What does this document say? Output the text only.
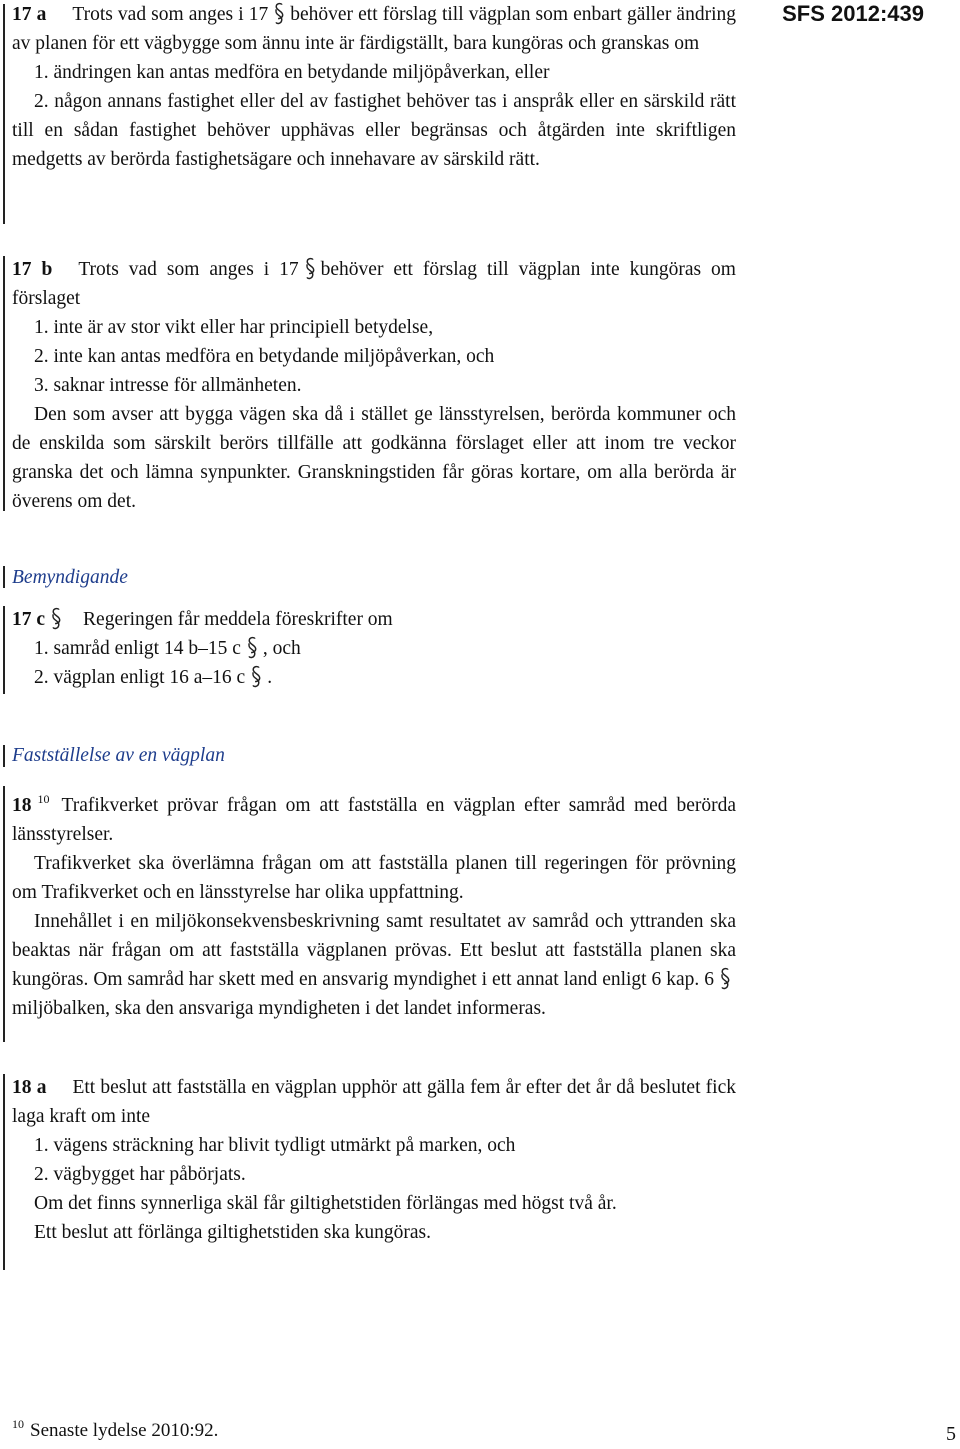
SFS 2012:439

17 a Trots vad som anges i 17 behöver ett förslag till vägplan som enbart gäller ändring av planen för ett vägbygge som ännu inte är färdigställt, bara kungöras och granskas om

1. ändringen kan antas medföra en betydande miljöpåverkan, eller

2. någon annans fastighet eller del av fastighet behöver tas i anspråk eller en särskild rätt till en sådan fastighet behöver upphävas eller begränsas och åtgärden inte skriftligen medgetts av berörda fastighetsägare och innehavare av särskild rätt.

17 b Trots vad som anges i 17 behöver ett förslag till vägplan inte kungöras om förslaget

1. inte är av stor vikt eller har principiell betydelse,

2. inte kan antas medföra en betydande miljöpåverkan, och

3. saknar intresse för allmänheten.

Den som avser att bygga vägen ska då i stället ge länsstyrelsen, berörda kommuner och de enskilda som särskilt berörs tillfälle att godkänna förslaget eller att inom tre veckor granska det och lämna synpunkter. Granskningstiden får göras kortare, om alla berörda är överens om det.

Bemyndigande

17 c Regeringen får meddela föreskrifter om

1. samråd enligt 14 b–15 c , och

2. vägplan enligt 16 a–16 c .

Fastställelse av en vägplan

18 $^{10}$ Trafikverket prövar frågan om att fastställa en vägplan efter samråd med berörda länsstyrelser.

Trafikverket ska överlämna frågan om att fastställa planen till regeringen för prövning om Trafikverket och en länsstyrelse har olika uppfattning.

Innehållet i en miljökonsekvensbeskrivning samt resultatet av samråd och yttranden ska beaktas när frågan om att fastställa vägplanen prövas. Ett beslut att fastställa planen ska kungöras. Om samråd har skett med en ansvarig myndighet i ett annat land enligt 6 kap. 6miljöbalken, ska den ansvariga myndigheten i det landet informeras.

18 a Ett beslut att fastställa en vägplan upphör att gälla fem år efter det år då beslutet fick laga kraft om inte

1. vägens sträckning har blivit tydligt utmärkt på marken, och

2. vägbygget har påbörjats.

Om det finns synnerliga skäl får giltighetstiden förlängas med högst två år.

Ett beslut att förlänga giltighetstiden ska kungöras.

$^{10}$ Senaste lydelse 2010:92.	5
